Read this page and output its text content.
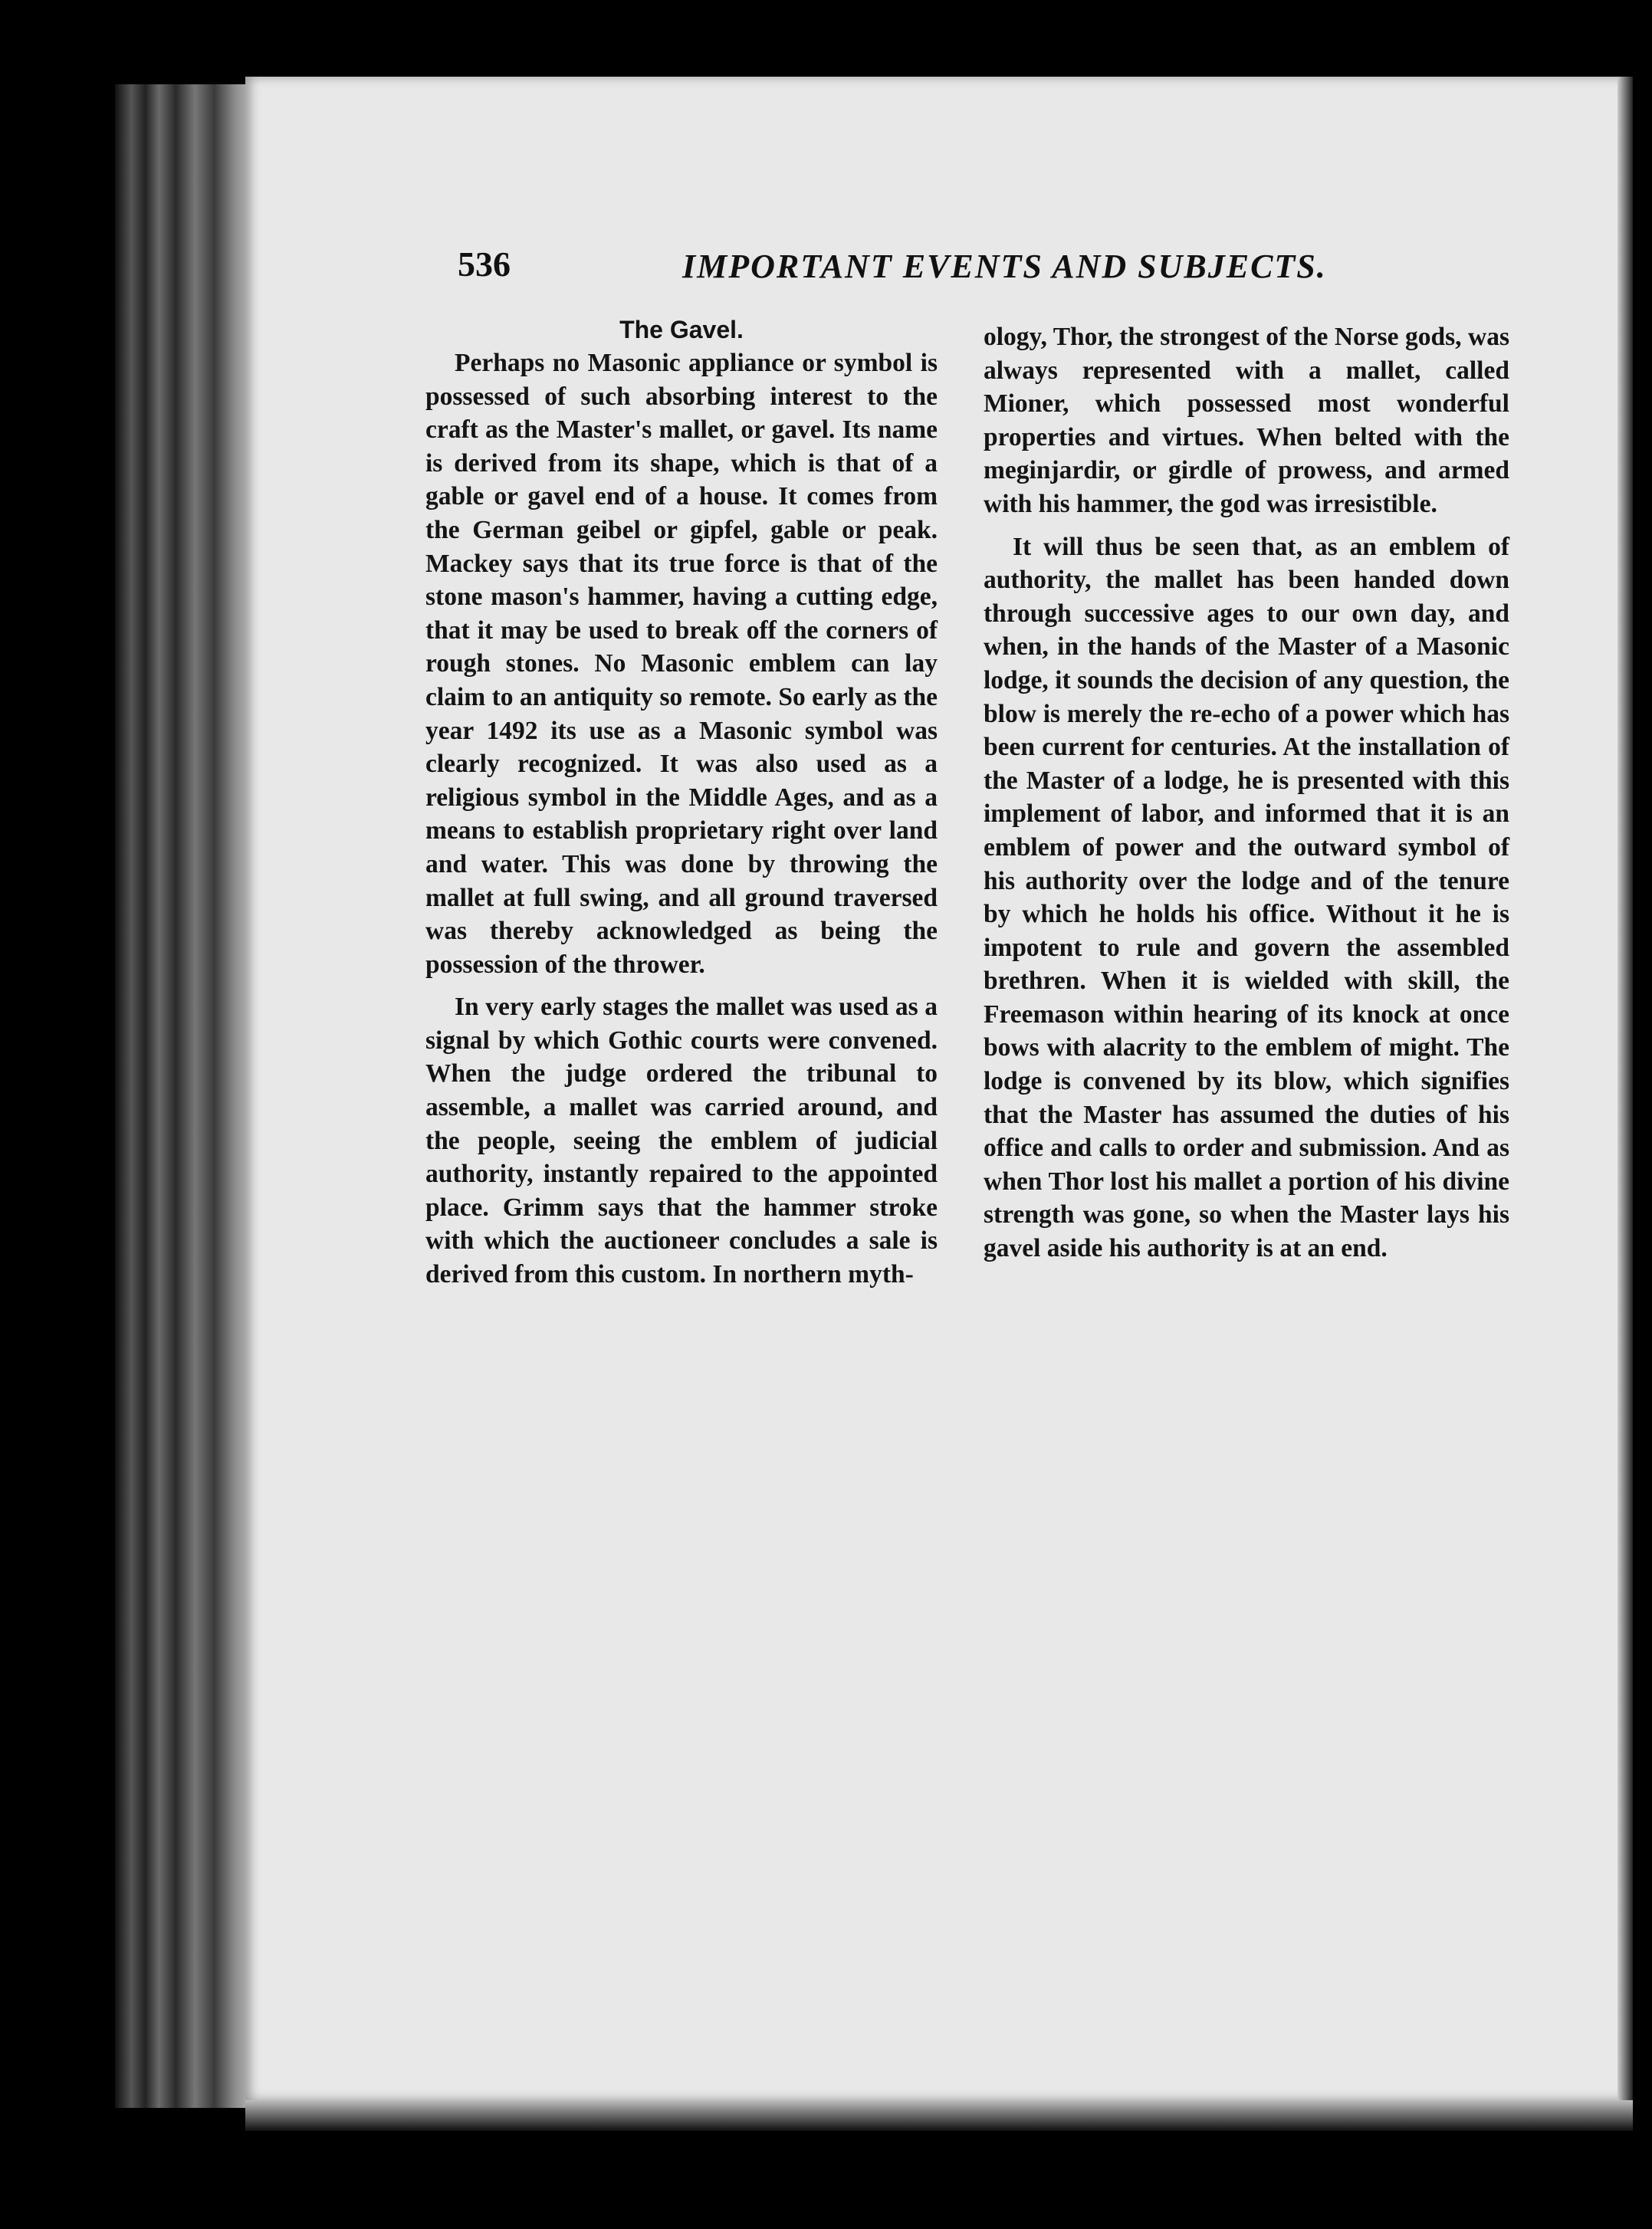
536	IMPORTANT EVENTS AND SUBJECTS.
The Gavel.

Perhaps no Masonic appliance or symbol is possessed of such absorbing interest to the craft as the Master's mallet, or gavel. Its name is derived from its shape, which is that of a gable or gavel end of a house. It comes from the German geibel or gipfel, gable or peak. Mackey says that its true force is that of the stone mason's hammer, having a cutting edge, that it may be used to break off the corners of rough stones. No Masonic emblem can lay claim to an antiquity so remote. So early as the year 1492 its use as a Masonic symbol was clearly recognized. It was also used as a religious symbol in the Middle Ages, and as a means to establish proprietary right over land and water. This was done by throwing the mallet at full swing, and all ground traversed was thereby acknowledged as being the possession of the thrower.

In very early stages the mallet was used as a signal by which Gothic courts were convened. When the judge ordered the tribunal to assemble, a mallet was carried around, and the people, seeing the emblem of judicial authority, instantly repaired to the appointed place. Grimm says that the hammer stroke with which the auctioneer concludes a sale is derived from this custom. In northern myth-

ology, Thor, the strongest of the Norse gods, was always represented with a mallet, called Mioner, which possessed most wonderful properties and virtues. When belted with the meginjardir, or girdle of prowess, and armed with his hammer, the god was irresistible.

It will thus be seen that, as an emblem of authority, the mallet has been handed down through successive ages to our own day, and when, in the hands of the Master of a Masonic lodge, it sounds the decision of any question, the blow is merely the re-echo of a power which has been current for centuries. At the installation of the Master of a lodge, he is presented with this implement of labor, and informed that it is an emblem of power and the outward symbol of his authority over the lodge and of the tenure by which he holds his office. Without it he is impotent to rule and govern the assembled brethren. When it is wielded with skill, the Freemason within hearing of its knock at once bows with alacrity to the emblem of might. The lodge is convened by its blow, which signifies that the Master has assumed the duties of his office and calls to order and submission. And as when Thor lost his mallet a portion of his divine strength was gone, so when the Master lays his gavel aside his authority is at an end.
